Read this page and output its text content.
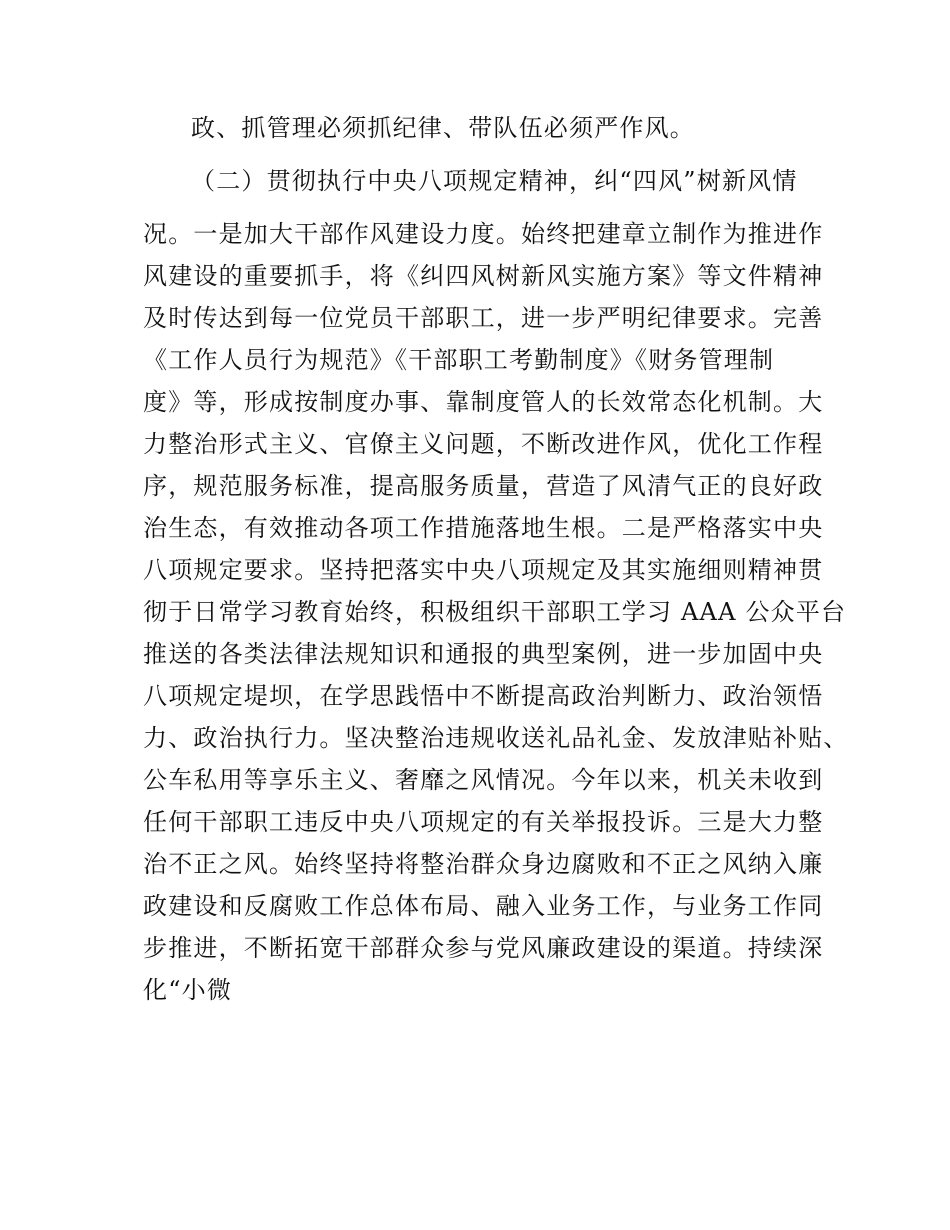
政、抓管理必须抓纪律、带队伍必须严作风。
（二）贯彻执行中央八项规定精神，纠“四风”树新风情
况。一是加大干部作风建设力度。始终把建章立制作为推进作
风建设的重要抓手，将《纠四风树新风实施方案》等文件精神
及时传达到每一位党员干部职工，进一步严明纪律要求。完善
《工作人员行为规范》《干部职工考勤制度》《财务管理制
度》等，形成按制度办事、靠制度管人的长效常态化机制。大
力整治形式主义、官僚主义问题，不断改进作风，优化工作程
序，规范服务标准，提高服务质量，营造了风清气正的良好政
治生态，有效推动各项工作措施落地生根。二是严格落实中央
八项规定要求。坚持把落实中央八项规定及其实施细则精神贯
彻于日常学习教育始终，积极组织干部职工学习 AAA 公众平台
推送的各类法律法规知识和通报的典型案例，进一步加固中央
八项规定堤坝，在学思践悟中不断提高政治判断力、政治领悟
力、政治执行力。坚决整治违规收送礼品礼金、发放津贴补贴、
公车私用等享乐主义、奢靡之风情况。今年以来，机关未收到
任何干部职工违反中央八项规定的有关举报投诉。三是大力整
治不正之风。始终坚持将整治群众身边腐败和不正之风纳入廉
政建设和反腐败工作总体布局、融入业务工作，与业务工作同
步推进，不断拓宽干部群众参与党风廉政建设的渠道。持续深
化“小微
